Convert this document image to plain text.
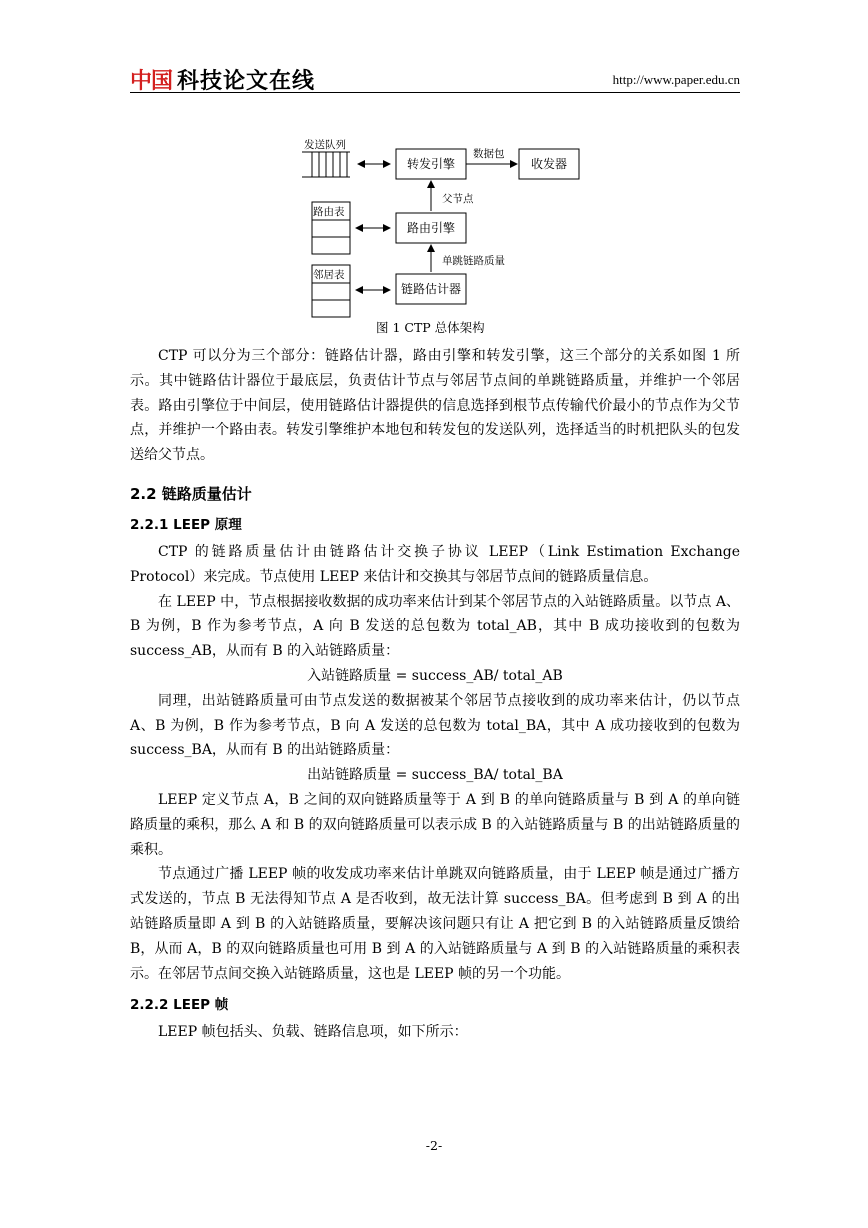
中国 科技论文在线	http://www.paper.edu.cn
发送队列
转发引擎
数据包
收发器
父节点
路由表
路由引擎
单跳链路质量
邻居表
链路估计器
图 1 CTP 总体架构

CTP 可以分为三个部分：链路估计器，路由引擎和转发引擎，这三个部分的关系如图 1 所示。其中链路估计器位于最底层，负责估计节点与邻居节点间的单跳链路质量，并维护一个邻居表。路由引擎位于中间层，使用链路估计器提供的信息选择到根节点传输代价最小的节点作为父节点，并维护一个路由表。转发引擎维护本地包和转发包的发送队列，选择适当的时机把队头的包发送给父节点。

2.2 链路质量估计
2.2.1 LEEP 原理

CTP 的链路质量估计由链路估计交换子协议 LEEP（Link Estimation Exchange Protocol）来完成。节点使用 LEEP 来估计和交换其与邻居节点间的链路质量信息。

在 LEEP 中，节点根据接收数据的成功率来估计到某个邻居节点的入站链路质量。以节点 A、B 为例，B 作为参考节点，A 向 B 发送的总包数为 total_AB，其中 B 成功接收到的包数为 success_AB，从而有 B 的入站链路质量：

入站链路质量 = success_AB/ total_AB

同理，出站链路质量可由节点发送的数据被某个邻居节点接收到的成功率来估计，仍以节点 A、B 为例，B 作为参考节点，B 向 A 发送的总包数为 total_BA，其中 A 成功接收到的包数为 success_BA，从而有 B 的出站链路质量：

出站链路质量 = success_BA/ total_BA

LEEP 定义节点 A，B 之间的双向链路质量等于 A 到 B 的单向链路质量与 B 到 A 的单向链路质量的乘积，那么 A 和 B 的双向链路质量可以表示成 B 的入站链路质量与 B 的出站链路质量的乘积。

节点通过广播 LEEP 帧的收发成功率来估计单跳双向链路质量，由于 LEEP 帧是通过广播方式发送的，节点 B 无法得知节点 A 是否收到，故无法计算 success_BA。但考虑到 B 到 A 的出站链路质量即 A 到 B 的入站链路质量，要解决该问题只有让 A 把它到 B 的入站链路质量反馈给 B，从而 A，B 的双向链路质量也可用 B 到 A 的入站链路质量与 A 到 B 的入站链路质量的乘积表示。在邻居节点间交换入站链路质量，这也是 LEEP 帧的另一个功能。

2.2.2 LEEP 帧

LEEP 帧包括头、负载、链路信息项，如下所示：

-2-
